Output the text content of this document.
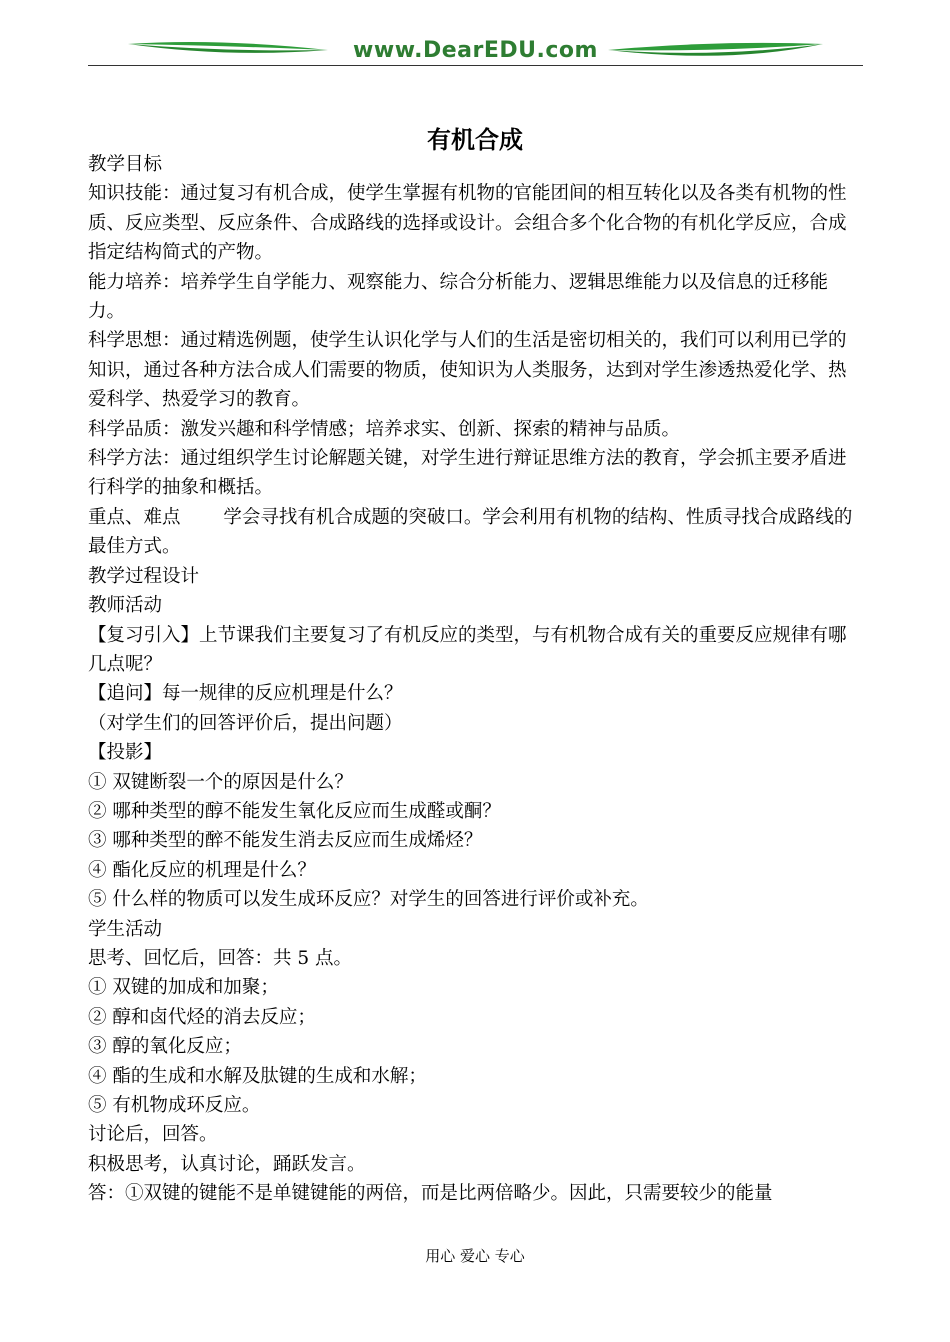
www.DearEDU.com
有机合成

教学目标

知识技能：通过复习有机合成，使学生掌握有机物的官能团间的相互转化以及各类有机物的性质、反应类型、反应条件、合成路线的选择或设计。会组合多个化合物的有机化学反应，合成指定结构简式的产物。

能力培养：培养学生自学能力、观察能力、综合分析能力、逻辑思维能力以及信息的迁移能力。

科学思想：通过精选例题，使学生认识化学与人们的生活是密切相关的，我们可以利用已学的知识，通过各种方法合成人们需要的物质，使知识为人类服务，达到对学生渗透热爱化学、热爱科学、热爱学习的教育。

科学品质：激发兴趣和科学情感；培养求实、创新、探索的精神与品质。

科学方法：通过组织学生讨论解题关键，对学生进行辩证思维方法的教育，学会抓主要矛盾进行科学的抽象和概括。

重点、难点　　 学会寻找有机合成题的突破口。学会利用有机物的结构、性质寻找合成路线的最佳方式。

教学过程设计

教师活动

【复习引入】上节课我们主要复习了有机反应的类型，与有机物合成有关的重要反应规律有哪几点呢？

【追问】每一规律的反应机理是什么？

（对学生们的回答评价后，提出问题）

【投影】

① 双键断裂一个的原因是什么？

② 哪种类型的醇不能发生氧化反应而生成醛或酮？

③ 哪种类型的醉不能发生消去反应而生成烯烃？

④ 酯化反应的机理是什么？

⑤ 什么样的物质可以发生成环反应？对学生的回答进行评价或补充。

学生活动

思考、回忆后，回答：共 5 点。

① 双键的加成和加聚；

② 醇和卤代烃的消去反应；

③ 醇的氧化反应；

④ 酯的生成和水解及肽键的生成和水解；

⑤ 有机物成环反应。

讨论后，回答。

积极思考，认真讨论，踊跃发言。

答：①双键的键能不是单键键能的两倍，而是比两倍略少。因此，只需要较少的能量

用心 爱心 专心
